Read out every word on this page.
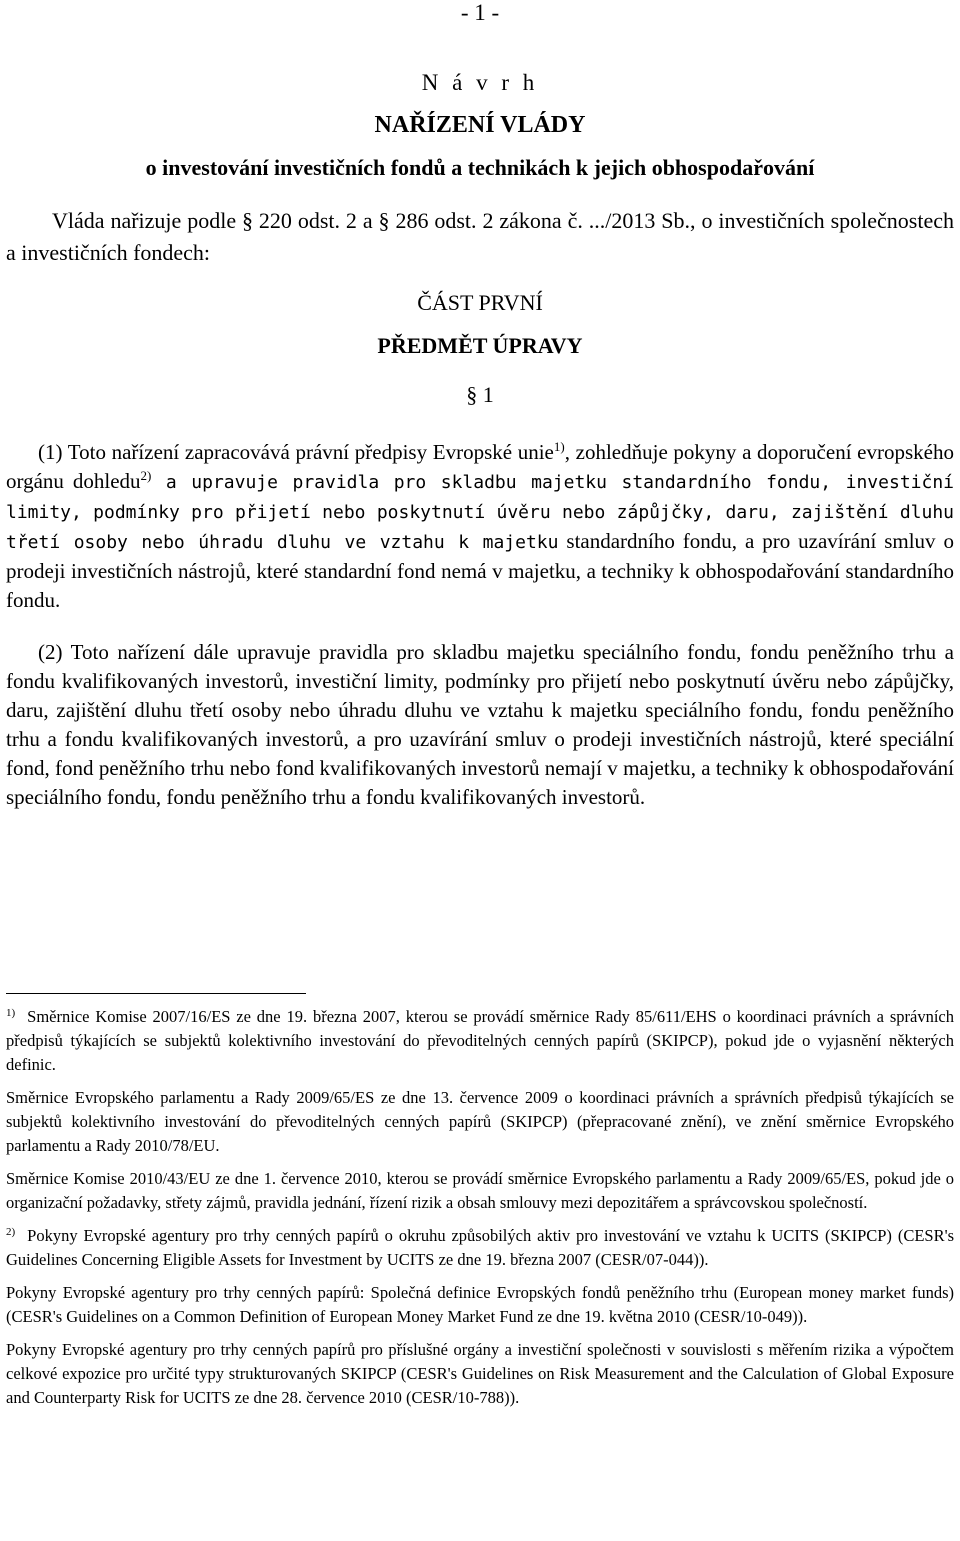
- 1 -
N á v r h
NAŘÍZENÍ VLÁDY
o investování investičních fondů a technikách k jejich obhospodařování
Vláda nařizuje podle § 220 odst. 2 a § 286 odst. 2 zákona č. .../2013 Sb., o investičních společnostech a investičních fondech:
ČÁST PRVNÍ
PŘEDMĚT ÚPRAVY
§ 1
(1) Toto nařízení zapracovává právní předpisy Evropské unie$^{1)}$, zohledňuje pokyny a doporučení evropského orgánu dohledu$^{2)}$ a upravuje pravidla pro skladbu majetku standardního fondu, investiční limity, podmínky pro přijetí nebo poskytnutí úvěru nebo zápůjčky, daru, zajištění dluhu třetí osoby nebo úhradu dluhu ve vztahu k majetku standardního fondu, a pro uzavírání smluv o prodeji investičních nástrojů, které standardní fond nemá v majetku, a techniky k obhospodařování standardního fondu.
(2) Toto nařízení dále upravuje pravidla pro skladbu majetku speciálního fondu, fondu peněžního trhu a fondu kvalifikovaných investorů, investiční limity, podmínky pro přijetí nebo poskytnutí úvěru nebo zápůjčky, daru, zajištění dluhu třetí osoby nebo úhradu dluhu ve vztahu k majetku speciálního fondu, fondu peněžního trhu a fondu kvalifikovaných investorů, a pro uzavírání smluv o prodeji investičních nástrojů, které speciální fond, fond peněžního trhu nebo fond kvalifikovaných investorů nemají v majetku, a techniky k obhospodařování speciálního fondu, fondu peněžního trhu a fondu kvalifikovaných investorů.

$^{1)}$ Směrnice Komise 2007/16/ES ze dne 19. března 2007, kterou se provádí směrnice Rady 85/611/EHS o koordinaci právních a správních předpisů týkajících se subjektů kolektivního investování do převoditelných cenných papírů (SKIPCP), pokud jde o vyjasnění některých definic.

Směrnice Evropského parlamentu a Rady 2009/65/ES ze dne 13. července 2009 o koordinaci právních a správních předpisů týkajících se subjektů kolektivního investování do převoditelných cenných papírů (SKIPCP) (přepracované znění), ve znění směrnice Evropského parlamentu a Rady 2010/78/EU.

Směrnice Komise 2010/43/EU ze dne 1. července 2010, kterou se provádí směrnice Evropského parlamentu a Rady 2009/65/ES, pokud jde o organizační požadavky, střety zájmů, pravidla jednání, řízení rizik a obsah smlouvy mezi depozitářem a správcovskou společností.

$^{2)}$ Pokyny Evropské agentury pro trhy cenných papírů o okruhu způsobilých aktiv pro investování ve vztahu k UCITS (SKIPCP) (CESR's Guidelines Concerning Eligible Assets for Investment by UCITS ze dne 19. března 2007 (CESR/07-044)).

Pokyny Evropské agentury pro trhy cenných papírů: Společná definice Evropských fondů peněžního trhu (European money market funds) (CESR's Guidelines on a Common Definition of European Money Market Fund ze dne 19. května 2010 (CESR/10-049)).

Pokyny Evropské agentury pro trhy cenných papírů pro příslušné orgány a investiční společnosti v souvislosti s měřením rizika a výpočtem celkové expozice pro určité typy strukturovaných SKIPCP (CESR's Guidelines on Risk Measurement and the Calculation of Global Exposure and Counterparty Risk for UCITS ze dne 28. července 2010 (CESR/10-788)).
